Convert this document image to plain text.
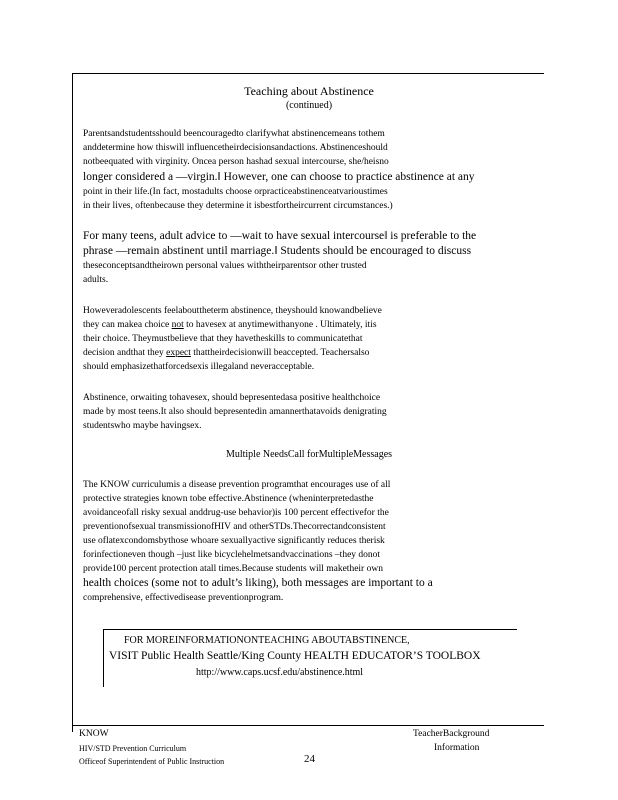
Teaching about Abstinence
(continued)
Parentsandstudentsshould beencouragedto clarifywhat abstinencemeans tothem
anddetermine how thiswill influencetheirdecisionsandactions. Abstinenceshould
notbeequated with virginity. Oncea person hashad sexual intercourse, she/heisno
longer considered a —virgin.‖ However, one can choose to practice abstinence at any
point in their life.(In fact, mostadults choose orpracticeabstinenceatvarioustimes
in their lives, oftenbecause they determine it isbestfortheircurrent circumstances.)
For many teens, adult advice to —wait to have sexual intercourse‖ is preferable to the
phrase —remain abstinent until marriage.‖ Students should be encouraged to discuss
theseconceptsandtheirown personal values withtheirparentsor other trusted
adults.
Howeveradolescents feelabouttheterm abstinence, theyshould knowandbelieve
they can makea choice not to havesex at anytimewithanyone . Ultimately, itis
their choice. Theymustbelieve that they havetheskills to communicatethat
decision andthat they expect thattheirdecisionwill beaccepted. Teachersalso
should emphasizethatforcedsexis illegaland neveracceptable.
Abstinence, orwaiting tohavesex, should bepresentedasa positive healthchoice
made by most teens.It also should bepresentedin amannerthatavoids denigrating
studentswho maybe havingsex.
Multiple NeedsCall forMultipleMessages
The KNOW curriculumis a disease prevention programthat encourages use of all
protective strategies known tobe effective.Abstinence (wheninterpretedasthe
avoidanceofall risky sexual anddrug-use behavior)is 100 percent effectivefor the
preventionofsexual transmissionofHIV and otherSTDs.Thecorrectandconsistent
use oflatexcondomsbythose whoare sexuallyactive significantly reduces therisk
forinfectioneven though –just like bicyclehelmetsandvaccinations –they donot
provide100 percent protection atall times.Because students will maketheir own
health choices (some not to adult’s liking), both messages are important to a
comprehensive, effectivedisease preventionprogram.
FOR MOREINFORMATIONONTEACHING ABOUTABSTINENCE,
VISIT Public Health Seattle/King County HEALTH EDUCATOR’S TOOLBOX
http://www.caps.ucsf.edu/abstinence.html
KNOW
HIV/STD Prevention Curriculum
Officeof Superintendent of Public Instruction	24
TeacherBackground
Information
